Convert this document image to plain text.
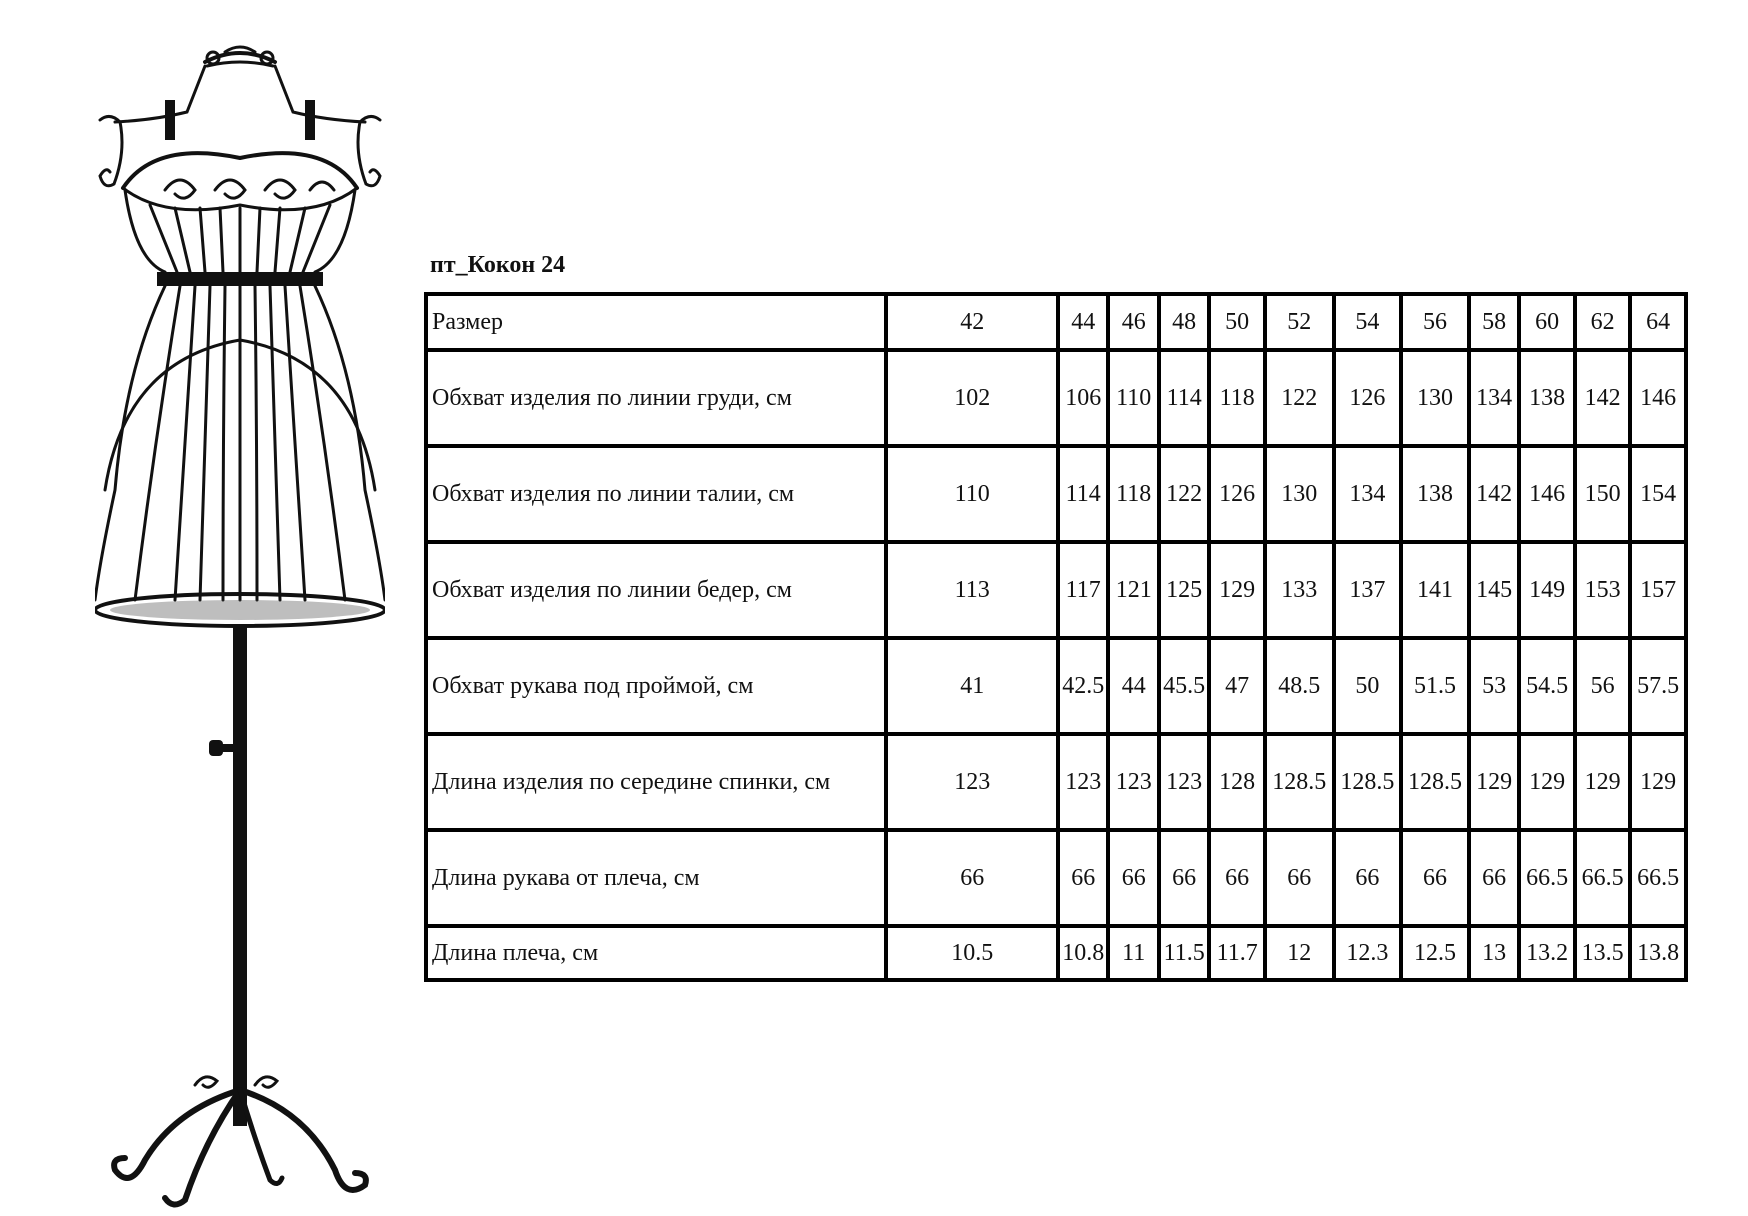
пт_Кокон 24
Размер	42		44	46	48	50	52	54	56	58	60	62	64
Обхват изделия по линии груди, см	102		106	110	114	118	122	126	130	134	138	142	146
Обхват изделия по линии талии, см	110		114	118	122	126	130	134	138	142	146	150	154
Обхват изделия по линии бедер, см	113		117	121	125	129	133	137	141	145	149	153	157
Обхват рукава под проймой, см	41		42.5	44	45.5	47	48.5	50	51.5	53	54.5	56	57.5
Длина изделия по середине спинки, см	123		123	123	123	128	128.5	128.5	128.5	129	129	129	129
Длина рукава от плеча, см	66		66	66	66	66	66	66	66	66	66.5	66.5	66.5
Длина плеча, см	10.5		10.8	11	11.5	11.7	12	12.3	12.5	13	13.2	13.5	13.8
